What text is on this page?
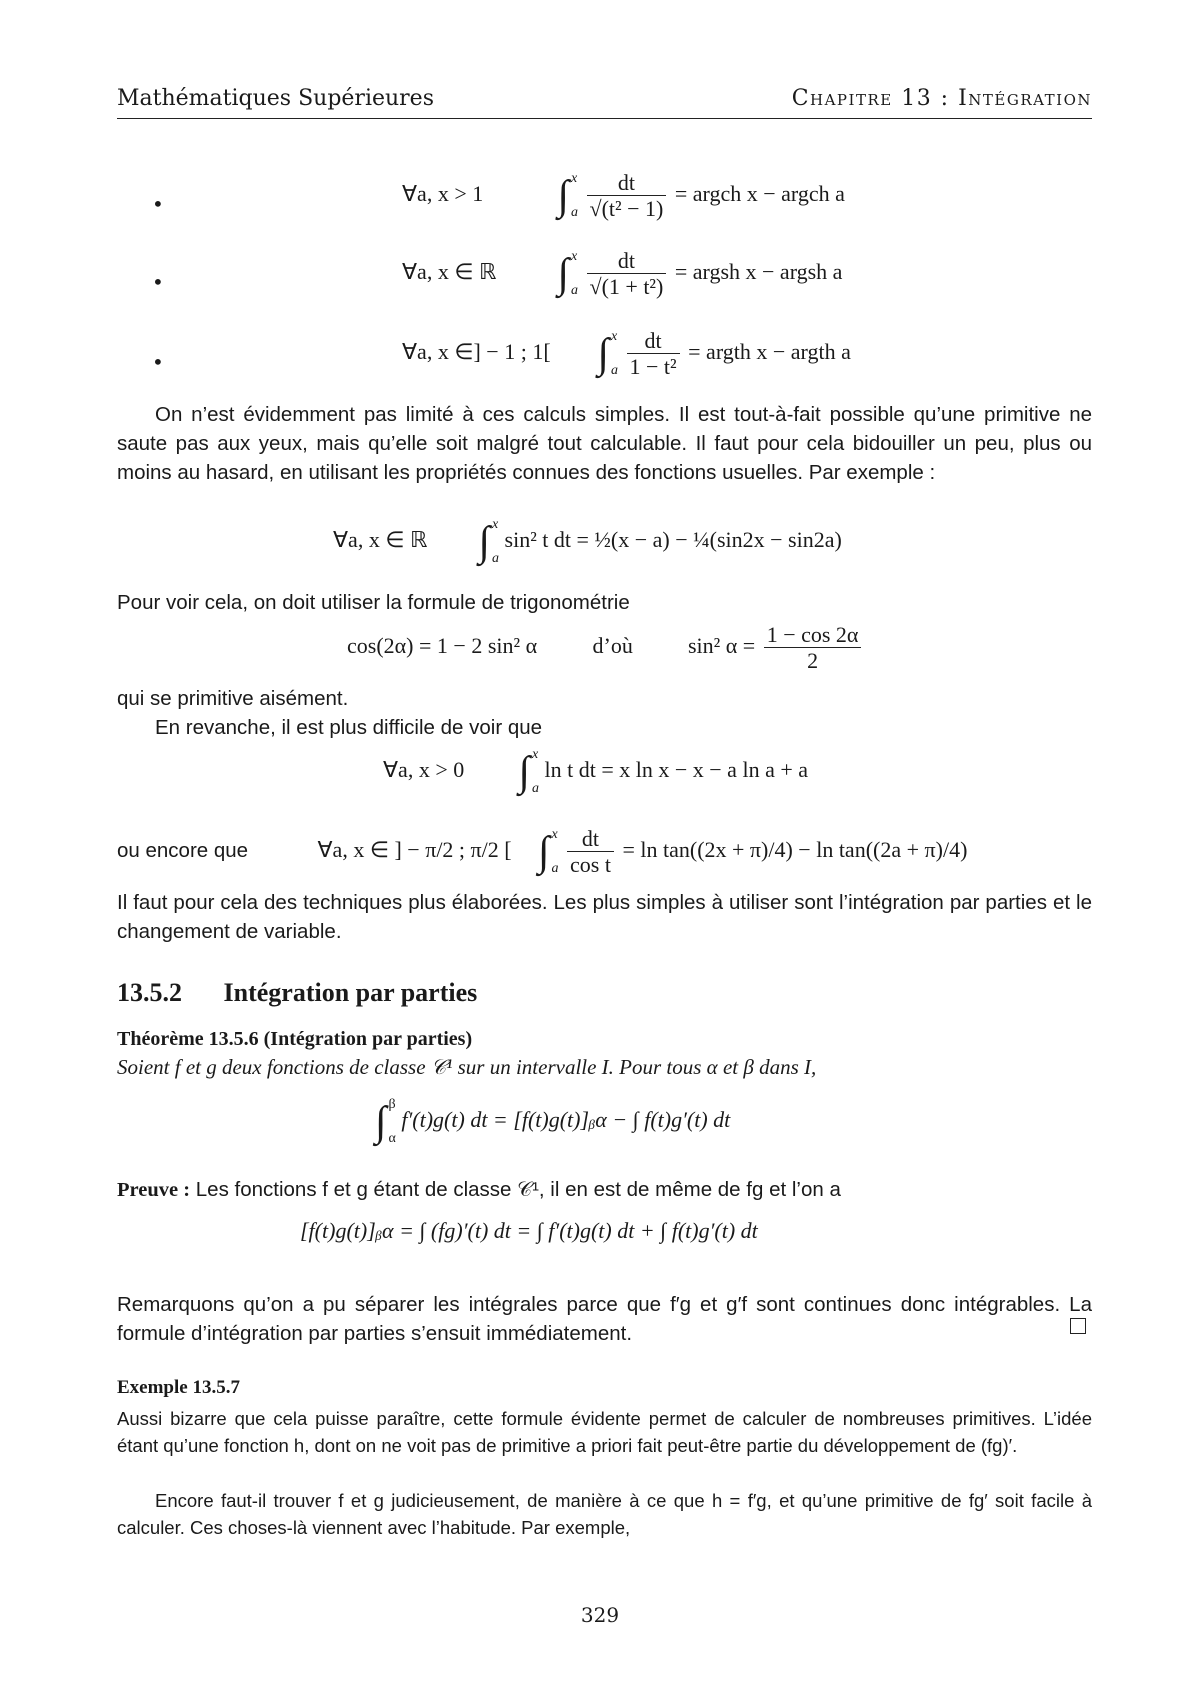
Mathématiques Supérieures	Chapitre 13 : Intégration
•	∀a, x > 1 ∫ x
a
$\frac{dt}{\text{√(t² − 1)}}$ = argch x − argch a
•	∀a, x ∈ ℝ ∫ x
a
$\frac{dt}{\text{√(1 + t²)}}$ = argsh x − argsh a
•	∀a, x ∈] − 1 ; 1[ ∫ x
a
$\frac{dt}{\text{1 − t²}}$ = argth x − argth a

On n’est évidemment pas limité à ces calculs simples. Il est tout-à-fait possible qu’une primitive ne saute pas aux yeux, mais qu’elle soit malgré tout calculable. Il faut pour cela bidouiller un peu, plus ou moins au hasard, en utilisant les propriétés connues des fonctions usuelles. Par exemple :

∀a, x ∈ ℝ ∫ x
a
sin² t dt = ½(x − a) − ¼(sin2x − sin2a)

Pour voir cela, on doit utiliser la formule de trigonométrie

cos(2α) = 1 − 2 sin² α	d’où	sin² $\alpha = \frac{1 - \cos 2\alpha}{2}$

qui se primitive aisément.

En revanche, il est plus difficile de voir que

∀a, x > 0 ∫ x
a
ln t dt = x ln x − x − a ln a + a
ou encore que	∀a, x ∈ ] − π/2 ; π/2 [ ∫ x
a
$\frac{dt}{\text{cos t}} = \ln \tan((2x + \pi)/4) - \ln \tan((2a + \pi)/4)$

Il faut pour cela des techniques plus élaborées. Les plus simples à utiliser sont l’intégration par parties et le changement de variable.

13.5.2 Intégration par parties
Théorème 13.5.6 (Intégration par parties)
Soient f et g deux fonctions de classe 𝒞¹ sur un intervalle I. Pour tous α et β dans I,
∫ β
α
f′(t)g(t) dt = [f(t)g(t)]ᵦα − ∫ f(t)g′(t) dt
Preuve : Les fonctions f et g étant de classe 𝒞¹, il en est de même de fg et l’on a
[f(t)g(t)]ᵦα = ∫ (fg)′(t) dt = ∫ f′(t)g(t) dt + ∫ f(t)g′(t) dt

Remarquons qu’on a pu séparer les intégrales parce que f′g et g′f sont continues donc intégrables. La formule d’intégration par parties s’ensuit immédiatement.

Exemple 13.5.7

Aussi bizarre que cela puisse paraître, cette formule évidente permet de calculer de nombreuses primitives. L’idée étant qu’une fonction h, dont on ne voit pas de primitive a priori fait peut-être partie du développement de (fg)′.

Encore faut-il trouver f et g judicieusement, de manière à ce que h = f′g, et qu’une primitive de fg′ soit facile à calculer. Ces choses-là viennent avec l’habitude. Par exemple,

329
